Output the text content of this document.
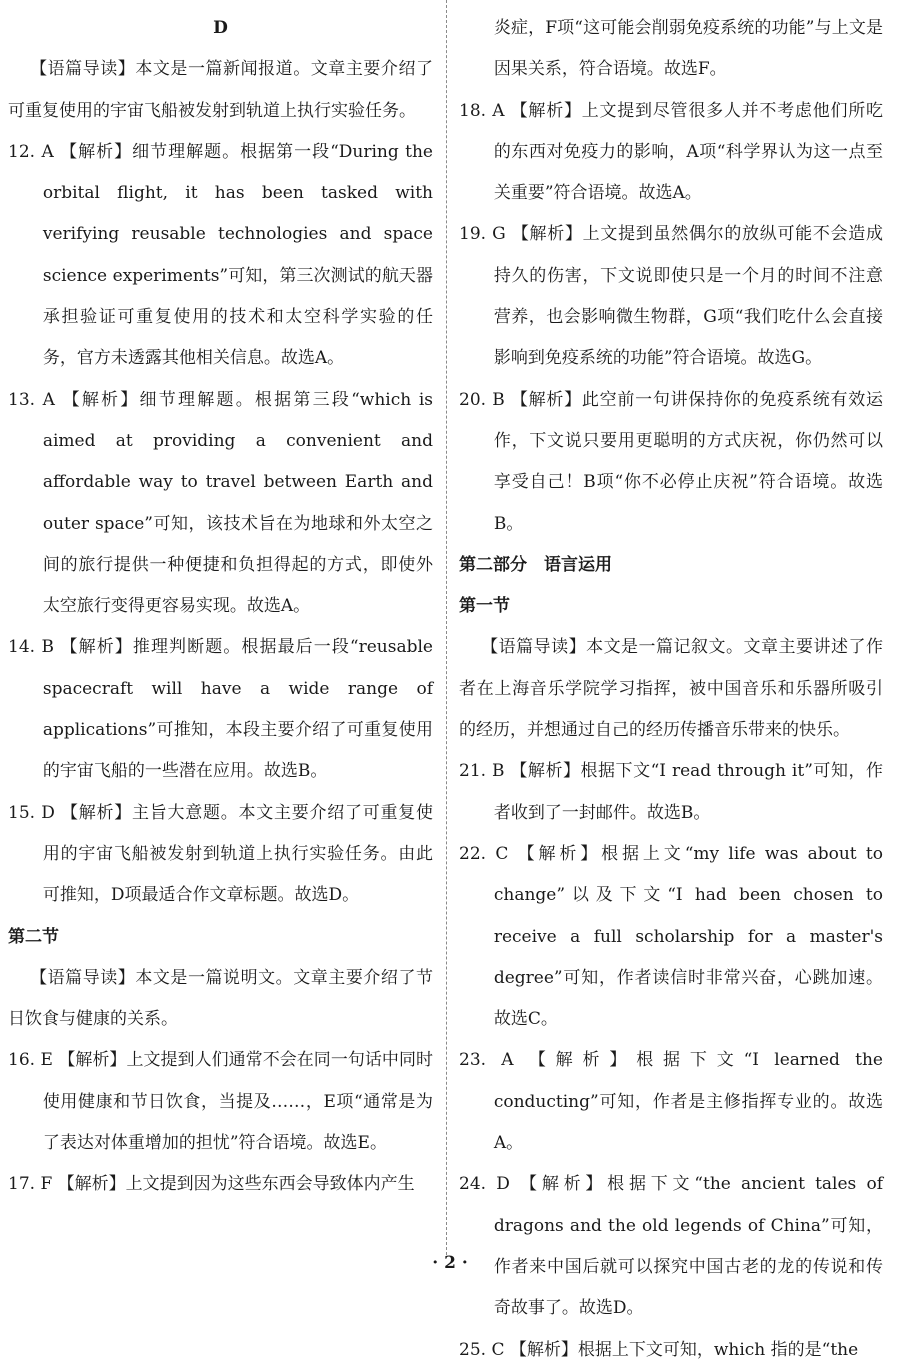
D

【语篇导读】本文是一篇新闻报道。文章主要介绍了可重复使用的宇宙飞船被发射到轨道上执行实验任务。

12. A 【解析】细节理解题。根据第一段“During the orbital flight, it has been tasked with verifying reusable technologies and space science experiments”可知，第三次测试的航天器承担验证可重复使用的技术和太空科学实验的任务，官方未透露其他相关信息。故选A。

13. A 【解析】细节理解题。根据第三段“which is aimed at providing a convenient and affordable way to travel between Earth and outer space”可知，该技术旨在为地球和外太空之间的旅行提供一种便捷和负担得起的方式，即使外太空旅行变得更容易实现。故选A。

14. B 【解析】推理判断题。根据最后一段“reusable spacecraft will have a wide range of applications”可推知，本段主要介绍了可重复使用的宇宙飞船的一些潜在应用。故选B。

15. D 【解析】主旨大意题。本文主要介绍了可重复使用的宇宙飞船被发射到轨道上执行实验任务。由此可推知，D项最适合作文章标题。故选D。

第二节

【语篇导读】本文是一篇说明文。文章主要介绍了节日饮食与健康的关系。

16. E 【解析】上文提到人们通常不会在同一句话中同时使用健康和节日饮食，当提及……，E项“通常是为了表达对体重增加的担忧”符合语境。故选E。

17. F 【解析】上文提到因为这些东西会导致体内产生

炎症，F项“这可能会削弱免疫系统的功能”与上文是因果关系，符合语境。故选F。

18. A 【解析】上文提到尽管很多人并不考虑他们所吃的东西对免疫力的影响，A项“科学界认为这一点至关重要”符合语境。故选A。

19. G 【解析】上文提到虽然偶尔的放纵可能不会造成持久的伤害，下文说即使只是一个月的时间不注意营养，也会影响微生物群，G项“我们吃什么会直接影响到免疫系统的功能”符合语境。故选G。

20. B 【解析】此空前一句讲保持你的免疫系统有效运作，下文说只要用更聪明的方式庆祝，你仍然可以享受自己！B项“你不必停止庆祝”符合语境。故选B。

第二部分　语言运用

第一节

【语篇导读】本文是一篇记叙文。文章主要讲述了作者在上海音乐学院学习指挥，被中国音乐和乐器所吸引的经历，并想通过自己的经历传播音乐带来的快乐。

21. B 【解析】根据下文“I read through it”可知，作者收到了一封邮件。故选B。

22. C 【解析】根据上文“my life was about to change”以及下文“I had been chosen to receive a full scholarship for a master's degree”可知，作者读信时非常兴奋，心跳加速。故选C。

23. A 【解析】根据下文“I learned the conducting”可知，作者是主修指挥专业的。故选A。

24. D 【解析】根据下文“the ancient tales of dragons and the old legends of China”可知，作者来中国后就可以探究中国古老的龙的传说和传奇故事了。故选D。

25. C 【解析】根据上下文可知，which 指的是“the

· 2 ·
